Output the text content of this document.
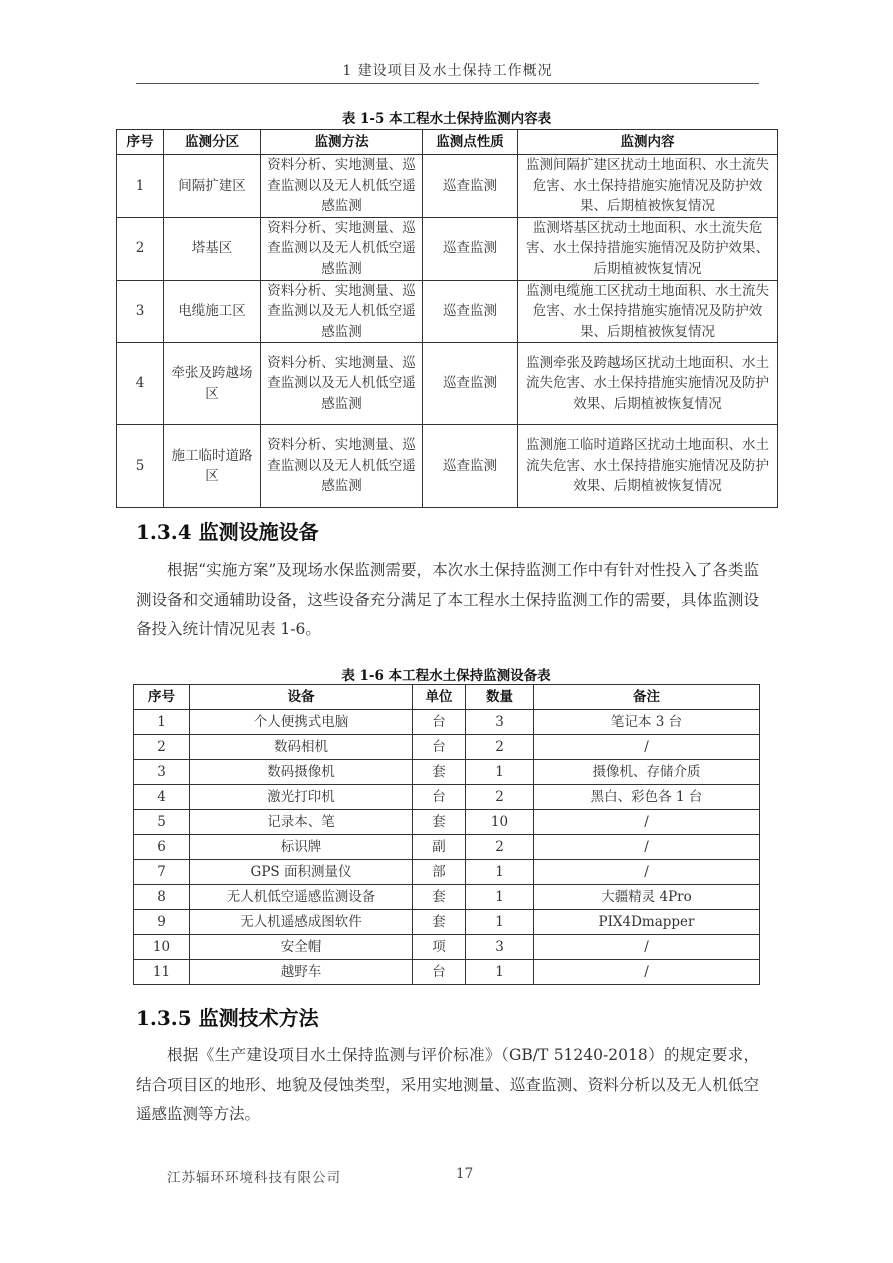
1 建设项目及水土保持工作概况
表 1-5 本工程水土保持监测内容表
序号	监测分区	监测方法	监测点性质	监测内容
1	间隔扩建区	资料分析、实地测量、巡查监测以及无人机低空遥感监测	巡查监测	监测间隔扩建区扰动土地面积、水土流失危害、水土保持措施实施情况及防护效果、后期植被恢复情况
2	塔基区	资料分析、实地测量、巡查监测以及无人机低空遥感监测	巡查监测	监测塔基区扰动土地面积、水土流失危害、水土保持措施实施情况及防护效果、后期植被恢复情况
3	电缆施工区	资料分析、实地测量、巡查监测以及无人机低空遥感监测	巡查监测	监测电缆施工区扰动土地面积、水土流失危害、水土保持措施实施情况及防护效果、后期植被恢复情况
4	牵张及跨越场区	资料分析、实地测量、巡查监测以及无人机低空遥感监测	巡查监测	监测牵张及跨越场区扰动土地面积、水土流失危害、水土保持措施实施情况及防护效果、后期植被恢复情况
5	施工临时道路区	资料分析、实地测量、巡查监测以及无人机低空遥感监测	巡查监测	监测施工临时道路区扰动土地面积、水土流失危害、水土保持措施实施情况及防护效果、后期植被恢复情况
1.3.4 监测设施设备
根据“实施方案”及现场水保监测需要，本次水土保持监测工作中有针对性投入了各类监测设备和交通辅助设备，这些设备充分满足了本工程水土保持监测工作的需要，具体监测设备投入统计情况见表 1-6。
表 1-6 本工程水土保持监测设备表
序号	设备	单位	数量	备注
1	个人便携式电脑	台	3	笔记本 3 台
2	数码相机	台	2	/
3	数码摄像机	套	1	摄像机、存储介质
4	激光打印机	台	2	黑白、彩色各 1 台
5	记录本、笔	套	10	/
6	标识牌	副	2	/
7	GPS 面积测量仪	部	1	/
8	无人机低空遥感监测设备	套	1	大疆精灵 4Pro
9	无人机遥感成图软件	套	1	PIX4Dmapper
10	安全帽	项	3	/
11	越野车	台	1	/
1.3.5 监测技术方法
根据《生产建设项目水土保持监测与评价标准》（GB/T 51240-2018）的规定要求，结合项目区的地形、地貌及侵蚀类型，采用实地测量、巡查监测、资料分析以及无人机低空遥感监测等方法。
江苏辐环环境科技有限公司	17
